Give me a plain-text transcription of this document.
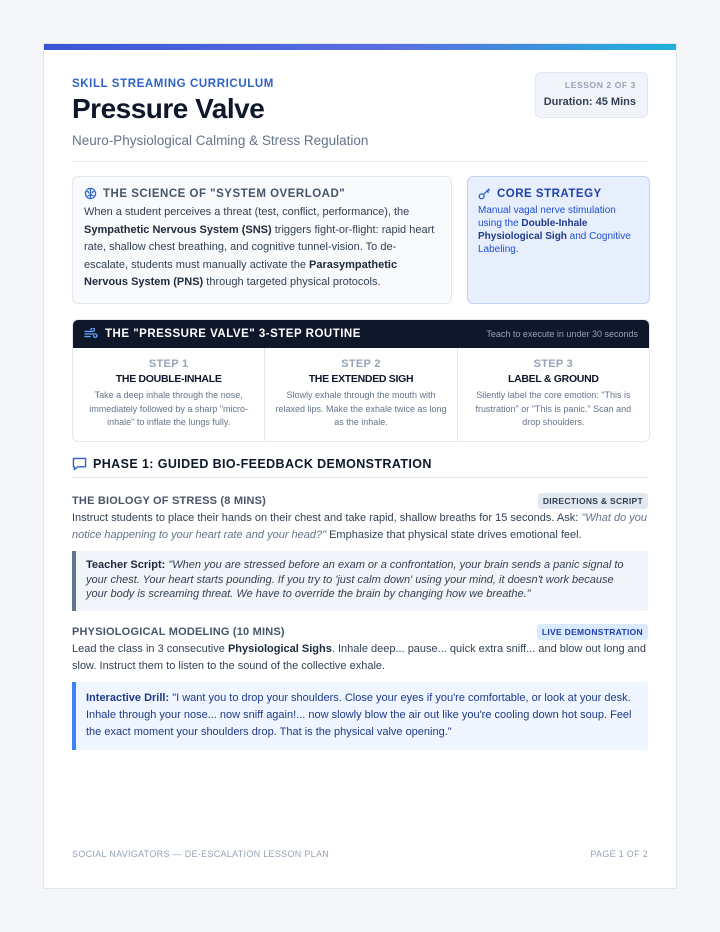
SKILL STREAMING CURRICULUM
Pressure Valve
Neuro-Physiological Calming & Stress Regulation
LESSON 2 OF 3
Duration: 45 Mins
THE SCIENCE OF "SYSTEM OVERLOAD"
When a student perceives a threat (test, conflict, performance), the
Sympathetic Nervous System (SNS) triggers fight-or-flight: rapid heart rate, shallow chest breathing, and cognitive tunnel-vision. To de-escalate, students must manually activate the Parasympathetic Nervous System (PNS) through targeted physical protocols.
CORE STRATEGY
Manual vagal nerve stimulation using the Double-Inhale Physiological Sigh and Cognitive Labeling.
THE "PRESSURE VALVE" 3-STEP ROUTINE	Teach to execute in under 30 seconds
STEP 1
THE DOUBLE-INHALE
Take a deep inhale through the nose, immediately followed by a sharp "micro-inhale" to inflate the lungs fully.
STEP 2
THE EXTENDED SIGH
Slowly exhale through the mouth with relaxed lips. Make the exhale twice as long as the inhale.
STEP 3
LABEL & GROUND
Silently label the core emotion: "This is frustration" or "This is panic." Scan and drop shoulders.
PHASE 1: GUIDED BIO-FEEDBACK DEMONSTRATION
THE BIOLOGY OF STRESS (8 MINS)	DIRECTIONS & SCRIPT
Instruct students to place their hands on their chest and take rapid, shallow breaths for 15 seconds. Ask: "What do you notice happening to your heart rate and your head?" Emphasize that physical state drives emotional feel.
Teacher Script: "When you are stressed before an exam or a confrontation, your brain sends a panic signal to your chest. Your heart starts pounding. If you try to 'just calm down' using your mind, it doesn't work because your body is screaming threat. We have to override the brain by changing how we breathe."
PHYSIOLOGICAL MODELING (10 MINS)	LIVE DEMONSTRATION
Lead the class in 3 consecutive Physiological Sighs. Inhale deep... pause... quick extra sniff... and blow out long and slow. Instruct them to listen to the sound of the collective exhale.
Interactive Drill: "I want you to drop your shoulders. Close your eyes if you're comfortable, or look at your desk. Inhale through your nose... now sniff again!... now slowly blow the air out like you're cooling down hot soup. Feel the exact moment your shoulders drop. That is the physical valve opening."
SOCIAL NAVIGATORS — DE-ESCALATION LESSON PLAN	PAGE 1 OF 2
